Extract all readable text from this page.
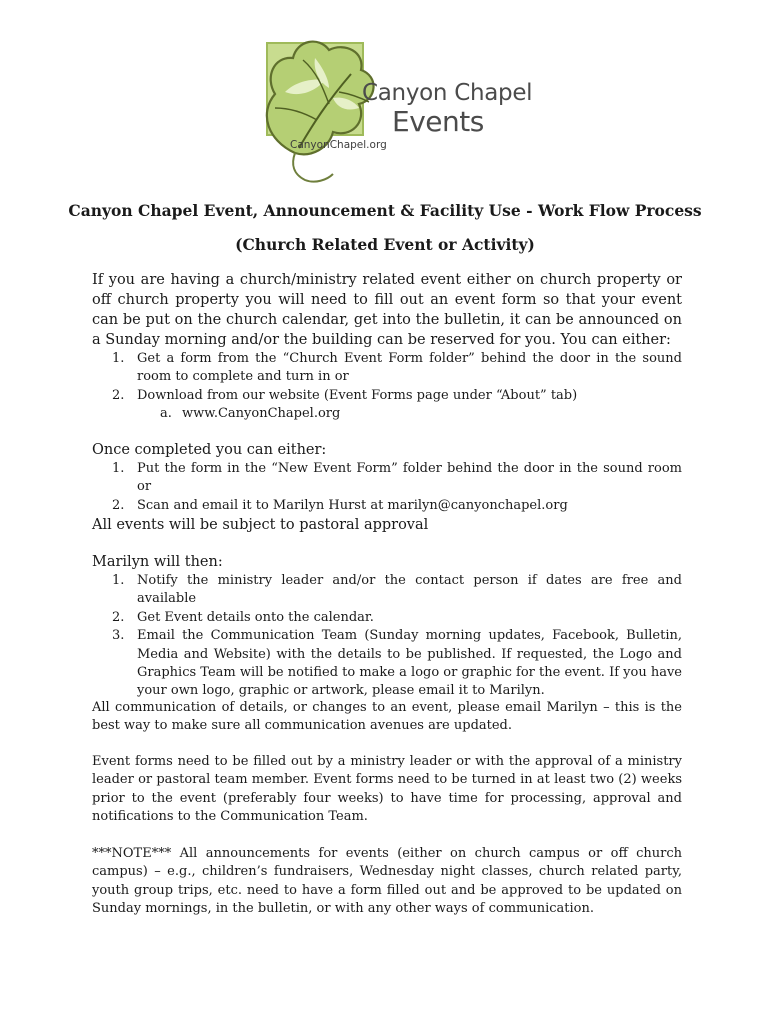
Canyon Chapel
Events
CanyonChapel.org
Canyon Chapel Event, Announcement & Facility Use - Work Flow Process
(Church Related Event or Activity)

If you are having a church/ministry related event either on church property or off church property you will need to fill out an event form so that your event can be put on the church calendar, get into the bulletin, it can be announced on a Sunday morning and/or the building can be reserved for you. You can either:

1. Get a form from the “Church Event Form folder” behind the door in the sound room to complete and turn in or
2. Download from our website (Event Forms page under “About” tab)
a. www.CanyonChapel.org

Once completed you can either:

1. Put the form in the “New Event Form” folder behind the door in the sound room or
2. Scan and email it to Marilyn Hurst at marilyn@canyonchapel.org

All events will be subject to pastoral approval

Marilyn will then:

1. Notify the ministry leader and/or the contact person if dates are free and available
2. Get Event details onto the calendar.
3. Email the Communication Team (Sunday morning updates, Facebook, Bulletin, Media and Website) with the details to be published. If requested, the Logo and Graphics Team will be notified to make a logo or graphic for the event. If you have your own logo, graphic or artwork, please email it to Marilyn.

All communication of details, or changes to an event, please email Marilyn – this is the best way to make sure all communication avenues are updated.

Event forms need to be filled out by a ministry leader or with the approval of a ministry leader or pastoral team member. Event forms need to be turned in at least two (2) weeks prior to the event (preferably four weeks) to have time for processing, approval and notifications to the Communication Team.

***NOTE*** All announcements for events (either on church campus or off church campus) – e.g., children’s fundraisers, Wednesday night classes, church related party, youth group trips, etc. need to have a form filled out and be approved to be updated on Sunday mornings, in the bulletin, or with any other ways of communication.
